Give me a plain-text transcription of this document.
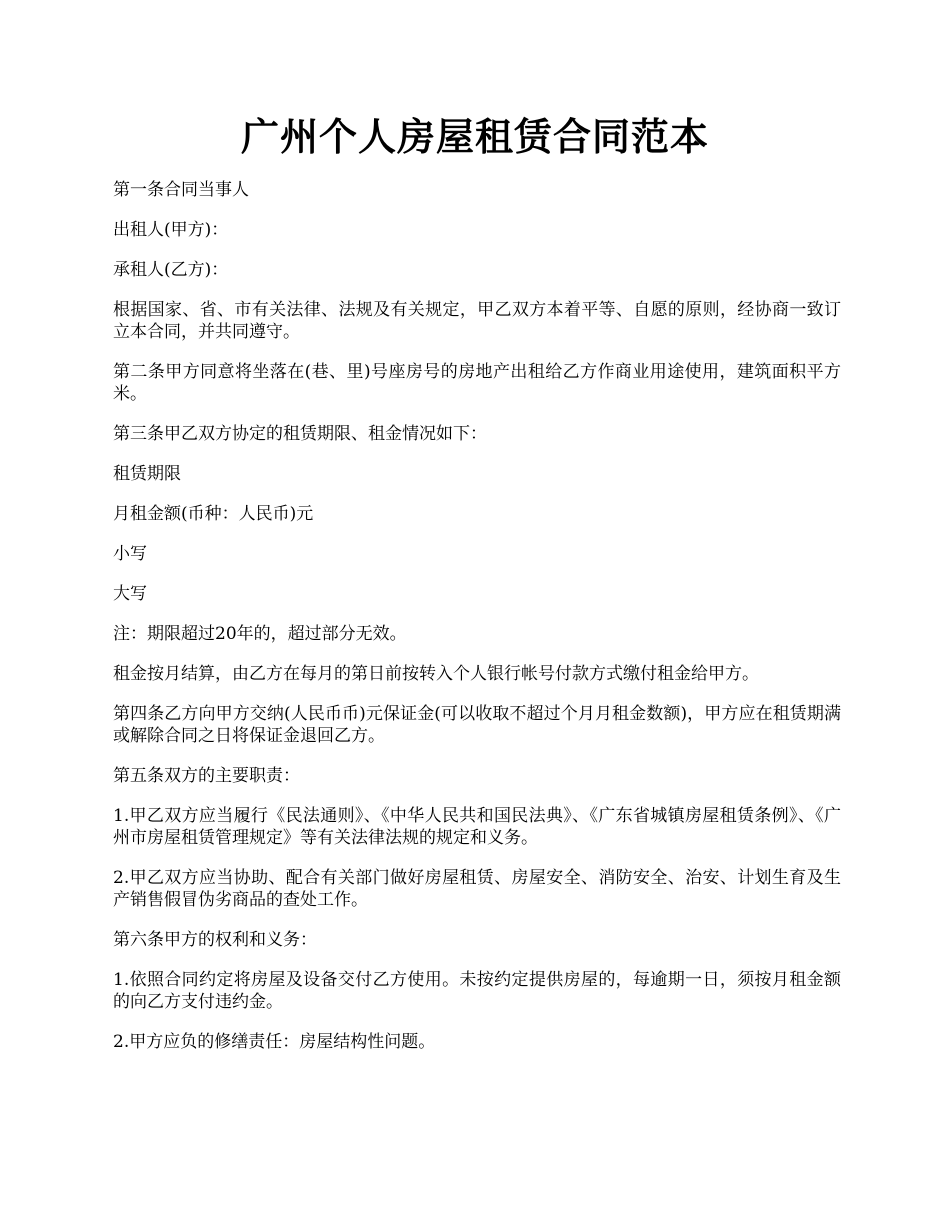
广州个人房屋租赁合同范本

第一条合同当事人

出租人(甲方)：

承租人(乙方)：

根据国家、省、市有关法律、法规及有关规定，甲乙双方本着平等、自愿的原则，经协商一致订立本合同，并共同遵守。

第二条甲方同意将坐落在(巷、里)号座房号的房地产出租给乙方作商业用途使用，建筑面积平方米。

第三条甲乙双方协定的租赁期限、租金情况如下：

租赁期限

月租金额(币种：人民币)元

小写

大写

注：期限超过20年的，超过部分无效。

租金按月结算，由乙方在每月的第日前按转入个人银行帐号付款方式缴付租金给甲方。

第四条乙方向甲方交纳(人民币币)元保证金(可以收取不超过个月月租金数额)，甲方应在租赁期满或解除合同之日将保证金退回乙方。

第五条双方的主要职责：

1.甲乙双方应当履行《民法通则》、《中华人民共和国民法典》、《广东省城镇房屋租赁条例》、《广州市房屋租赁管理规定》等有关法律法规的规定和义务。

2.甲乙双方应当协助、配合有关部门做好房屋租赁、房屋安全、消防安全、治安、计划生育及生产销售假冒伪劣商品的查处工作。

第六条甲方的权利和义务：

1.依照合同约定将房屋及设备交付乙方使用。未按约定提供房屋的，每逾期一日，须按月租金额的向乙方支付违约金。

2.甲方应负的修缮责任：房屋结构性问题。
